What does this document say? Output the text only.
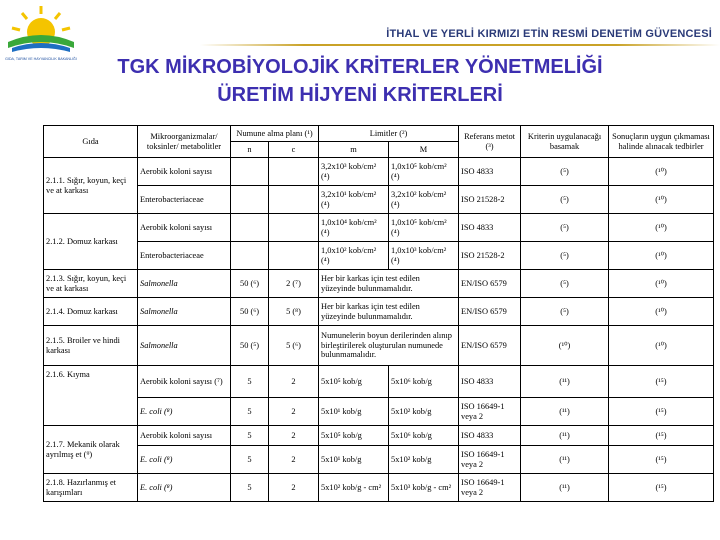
GIDA, TARIM VE HAYVANCILIK BAKANLIĞI
İTHAL VE YERLİ KIRMIZI ETİN RESMİ DENETİM GÜVENCESİ
TGK MİKROBİYOLOJİK KRİTERLER YÖNETMELİĞİ
ÜRETİM HİJYENİ KRİTERLERİ
Gıda	Mikroorganizmalar/ toksinler/ metabolitler	Numune alma planı (¹)		Limitler (²)		Referans metot (³)	Kriterin uygulanacağı basamak	Sonuçların uygun çıkmaması halinde alınacak tedbirler
		n	c	m	M			
2.1.1. Sığır, koyun, keçi ve at karkası	Aerobik koloni sayısı			3,2x10³ kob/cm² (⁴)	1,0x10⁵ kob/cm² (⁴)	ISO 4833	(⁵)	(¹⁰)
	Enterobacteriaceae			3,2x10¹ kob/cm² (⁴)	3,2x10² kob/cm² (⁴)	ISO 21528-2	(⁵)	(¹⁰)
2.1.2. Domuz karkası	Aerobik koloni sayısı			1,0x10⁴ kob/cm² (⁴)	1,0x10⁵ kob/cm² (⁴)	ISO 4833	(⁵)	(¹⁰)
	Enterobacteriaceae			1,0x10² kob/cm² (⁴)	1,0x10³ kob/cm² (⁴)	ISO 21528-2	(⁵)	(¹⁰)
2.1.3. Sığır, koyun, keçi ve at karkası	Salmonella	50 (⁶)	2 (⁷)	Her bir karkas için test edilen yüzeyinde bulunmamalıdır.		EN/ISO 6579	(⁵)	(¹⁰)
2.1.4. Domuz karkası	Salmonella	50 (⁶)	5 (⁸)	Her bir karkas için test edilen yüzeyinde bulunmamalıdır.		EN/ISO 6579	(⁵)	(¹⁰)
2.1.5. Broiler ve hindi karkası	Salmonella	50 (⁵)	5 (⁶)	Numunelerin boyun derilerinden alınıp birleştirilerek oluşturulan numunede bulunmamalıdır.		EN/ISO 6579	(¹⁰)	(¹⁰)
2.1.6. Kıyma	Aerobik koloni sayısı (⁷)	5	2	5x10⁵ kob/g	5x10⁶ kob/g	ISO 4833	(¹¹)	(¹⁵)
	E. coli (⁸)	5	2	5x10¹ kob/g	5x10² kob/g	ISO 16649-1 veya 2	(¹¹)	(¹⁵)
2.1.7. Mekanik olarak ayrılmış et (⁹)	Aerobik koloni sayısı	5	2	5x10⁵ kob/g	5x10⁶ kob/g	ISO 4833	(¹¹)	(¹⁵)
	E. coli (⁸)	5	2	5x10¹ kob/g	5x10² kob/g	ISO 16649-1 veya 2	(¹¹)	(¹⁵)
2.1.8. Hazırlanmış et karışımları	E. coli (⁸)	5	2	5x10² kob/g - cm²	5x10³ kob/g - cm²	ISO 16649-1 veya 2	(¹¹)	(¹⁵)
